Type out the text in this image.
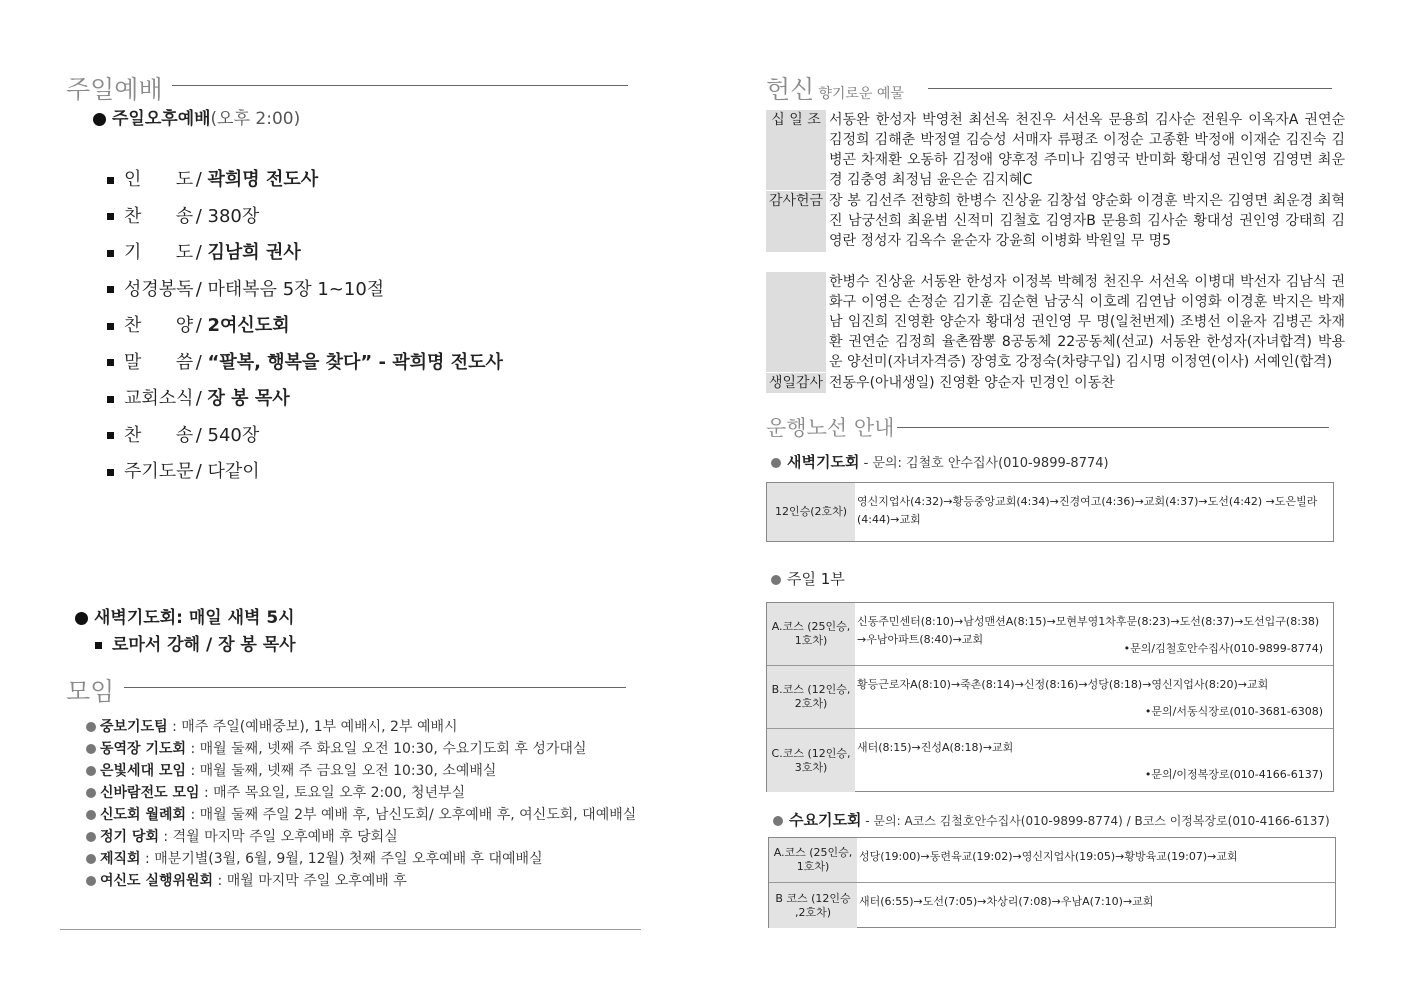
주일예배
주일오후예배(오후 2:00)
인      도 / 곽희명 전도사
찬      송 / 380장
기      도 / 김남희 권사
성경봉독 / 마태복음 5장 1~10절
찬      양 / 2여신도회
말      씀 / “팔복, 행복을 찾다” - 곽희명 전도사
교회소식 / 장 봉 목사
찬      송 / 540장
주기도문 / 다같이
새벽기도회: 매일 새벽 5시
로마서 강해 / 장 봉 목사
모임
중보기도팀 : 매주 주일(예배중보), 1부 예배시, 2부 예배시
동역장 기도회 : 매월 둘째, 넷째 주 화요일 오전 10:30, 수요기도회 후 성가대실
은빛세대 모임 : 매월 둘째, 넷째 주 금요일 오전 10:30, 소예배실
신바람전도 모임 : 매주 목요일, 토요일 오후 2:00, 청년부실
신도회 월례회 : 매월 둘째 주일 2부 예배 후, 남신도회/ 오후예배 후, 여신도회, 대예배실
정기 당회 : 격월 마지막 주일 오후예배 후 당회실
제직회 : 매분기별(3월, 6월, 9월, 12월) 첫째 주일 오후예배 후 대예배실
여신도 실행위원회 : 매월 마지막 주일 오후예배 후
헌신 향기로운 예물
십 일 조 서동완 한성자 박영천 최선옥 천진우 서선옥 문용희 김사순 전원우 이옥자A 권연순 김정희 김해춘 박정열 김승성 서매자 류평조 이정순 고종환 박정애 이재순 김진숙 김병곤 차재환 오동하 김정애 양후정 주미나 김영국 반미화 황대성 권인영 김영면 최운경 김충영 최정님 윤은순 김지혜C
감사헌금 장 봉 김선주 전향희 한병수 진상윤 김창섭 양순화 이경훈 박지은 김영면 최운경 최혁진 남궁선희 최윤범 신적미 김철호 김영자B 문용희 김사순 황대성 권인영 강태희 김영란 정성자 김옥수 윤순자 강윤희 이병화 박원일 무 명5
한병수 진상윤 서동완 한성자 이정복 박혜정 천진우 서선옥 이병대 박선자 김남식 권화구 이영은 손정순 김기훈 김순현 남궁식 이호례 김연남 이영화 이경훈 박지은 박재남 임진희 진영환 양순자 황대성 권인영 무 명(일천번제) 조병선 이윤자 김병곤 차재환 권연순 김정희 율촌짬뽕 8공동체 22공동체(선교) 서동완 한성자(자녀합격) 박용운 양선미(자녀자격증) 장영호 강정숙(차량구입) 김시명 이정연(이사) 서예인(합격)
생일감사 전동우(아내생일) 진영환 양순자 민경인 이동찬
운행노선 안내
새벽기도회 - 문의: 김철호 안수집사(010-9899-8774)
12인승(2호차)
영신지업사(4:32)→황등중앙교회(4:34)→진경여고(4:36)→교회(4:37)→도선(4:42) →도은빌라(4:44)→교회
주일 1부
A.코스 (25인승, 1호차)
신동주민센터(8:10)→남성맨션A(8:15)→모현부영1차후문(8:23)→도선(8:37)→도선입구(8:38) →우남아파트(8:40)→교회
•문의/김철호안수집사(010-9899-8774)
B.코스 (12인승, 2호차)
황등근로자A(8:10)→죽촌(8:14)→신정(8:16)→성당(8:18)→영신지업사(8:20)→교회
•문의/서동식장로(010-3681-6308)
C.코스 (12인승, 3호차)
새터(8:15)→진성A(8:18)→교회
•문의/이정복장로(010-4166-6137)
수요기도회 - 문의: A코스 김철호안수집사(010-9899-8774) / B코스 이정복장로(010-4166-6137)
A.코스 (25인승, 1호차)
성당(19:00)→동련육교(19:02)→영신지업사(19:05)→황방육교(19:07)→교회
B 코스 (12인승 ,2호차)
새터(6:55)→도선(7:05)→차상리(7:08)→우남A(7:10)→교회
